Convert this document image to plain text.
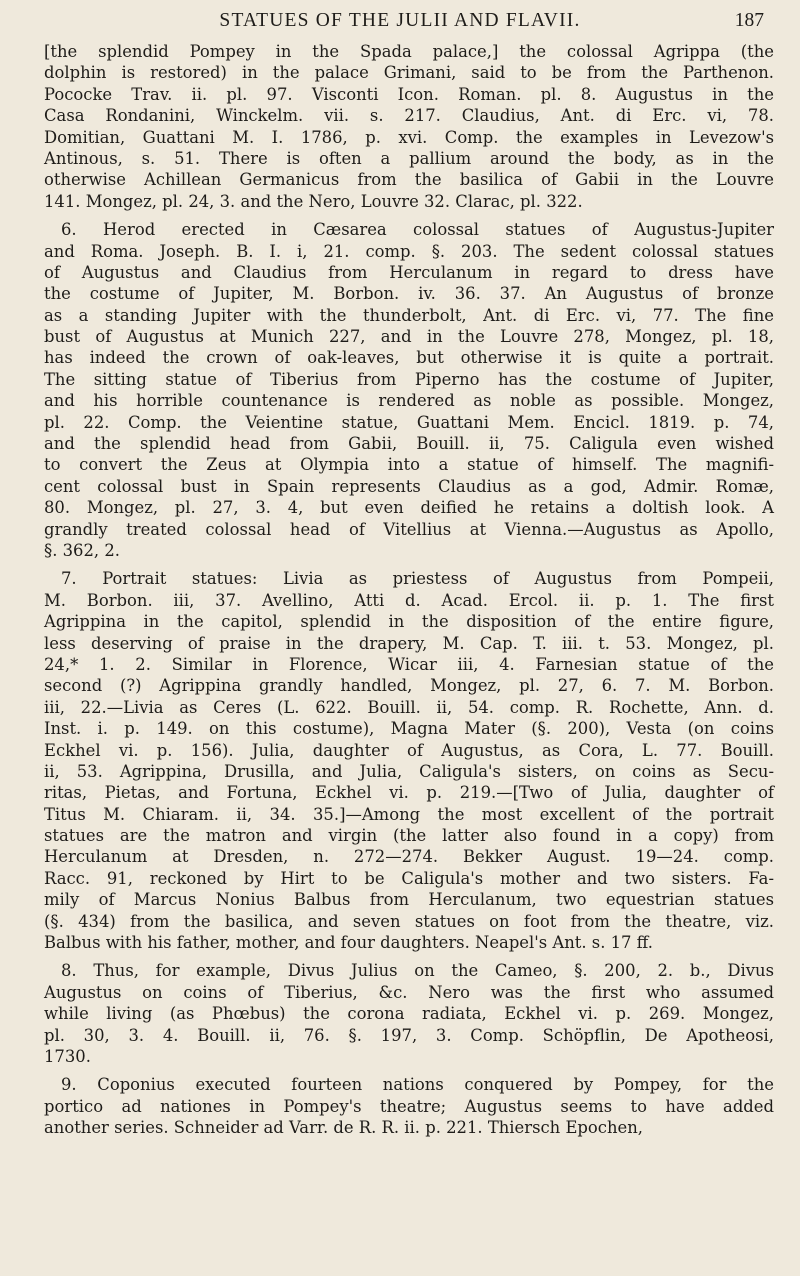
STATUES OF THE JULII AND FLAVII.	187
[the splendid Pompey in the Spada palace,] the colossal Agrippa (the
dolphin is restored) in the palace Grimani, said to be from the Parthenon.
Pococke Trav. ii. pl. 97. Visconti Icon. Roman. pl. 8. Augustus in the
Casa Rondanini, Winckelm. vii. s. 217. Claudius, Ant. di Erc. vi, 78.
Domitian, Guattani M. I. 1786, p. xvi. Comp. the examples in Levezow's
Antinous, s. 51. There is often a pallium around the body, as in the
otherwise Achillean Germanicus from the basilica of Gabii in the Louvre
141. Mongez, pl. 24, 3. and the Nero, Louvre 32. Clarac, pl. 322.
6. Herod erected in Cæsarea colossal statues of Augustus-Jupiter
and Roma. Joseph. B. I. i, 21. comp. §. 203. The sedent colossal statues
of Augustus and Claudius from Herculanum in regard to dress have
the costume of Jupiter, M. Borbon. iv. 36. 37. An Augustus of bronze
as a standing Jupiter with the thunderbolt, Ant. di Erc. vi, 77. The fine
bust of Augustus at Munich 227, and in the Louvre 278, Mongez, pl. 18,
has indeed the crown of oak-leaves, but otherwise it is quite a portrait.
The sitting statue of Tiberius from Piperno has the costume of Jupiter,
and his horrible countenance is rendered as noble as possible. Mongez,
pl. 22. Comp. the Veientine statue, Guattani Mem. Encicl. 1819. p. 74,
and the splendid head from Gabii, Bouill. ii, 75. Caligula even wished
to convert the Zeus at Olympia into a statue of himself. The magnifi-
cent colossal bust in Spain represents Claudius as a god, Admir. Romæ,
80. Mongez, pl. 27, 3. 4, but even deified he retains a doltish look. A
grandly treated colossal head of Vitellius at Vienna.—Augustus as Apollo,
§. 362, 2.
7. Portrait statues: Livia as priestess of Augustus from Pompeii,
M. Borbon. iii, 37. Avellino, Atti d. Acad. Ercol. ii. p. 1. The first
Agrippina in the capitol, splendid in the disposition of the entire figure,
less deserving of praise in the drapery, M. Cap. T. iii. t. 53. Mongez, pl.
24,* 1. 2. Similar in Florence, Wicar iii, 4. Farnesian statue of the
second (?) Agrippina grandly handled, Mongez, pl. 27, 6. 7. M. Borbon.
iii, 22.—Livia as Ceres (L. 622. Bouill. ii, 54. comp. R. Rochette, Ann. d.
Inst. i. p. 149. on this costume), Magna Mater (§. 200), Vesta (on coins
Eckhel vi. p. 156). Julia, daughter of Augustus, as Cora, L. 77. Bouill.
ii, 53. Agrippina, Drusilla, and Julia, Caligula's sisters, on coins as Secu-
ritas, Pietas, and Fortuna, Eckhel vi. p. 219.—[Two of Julia, daughter of
Titus M. Chiaram. ii, 34. 35.]—Among the most excellent of the portrait
statues are the matron and virgin (the latter also found in a copy) from
Herculanum at Dresden, n. 272—274. Bekker August. 19—24. comp.
Racc. 91, reckoned by Hirt to be Caligula's mother and two sisters. Fa-
mily of Marcus Nonius Balbus from Herculanum, two equestrian statues
(§. 434) from the basilica, and seven statues on foot from the theatre, viz.
Balbus with his father, mother, and four daughters. Neapel's Ant. s. 17 ff.
8. Thus, for example, Divus Julius on the Cameo, §. 200, 2. b., Divus
Augustus on coins of Tiberius, &c. Nero was the first who assumed
while living (as Phœbus) the corona radiata, Eckhel vi. p. 269. Mongez,
pl. 30, 3. 4. Bouill. ii, 76. §. 197, 3. Comp. Schöpflin, De Apotheosi,
1730.
9. Coponius executed fourteen nations conquered by Pompey, for the
portico ad nationes in Pompey's theatre; Augustus seems to have added
another series. Schneider ad Varr. de R. R. ii. p. 221. Thiersch Epochen,
